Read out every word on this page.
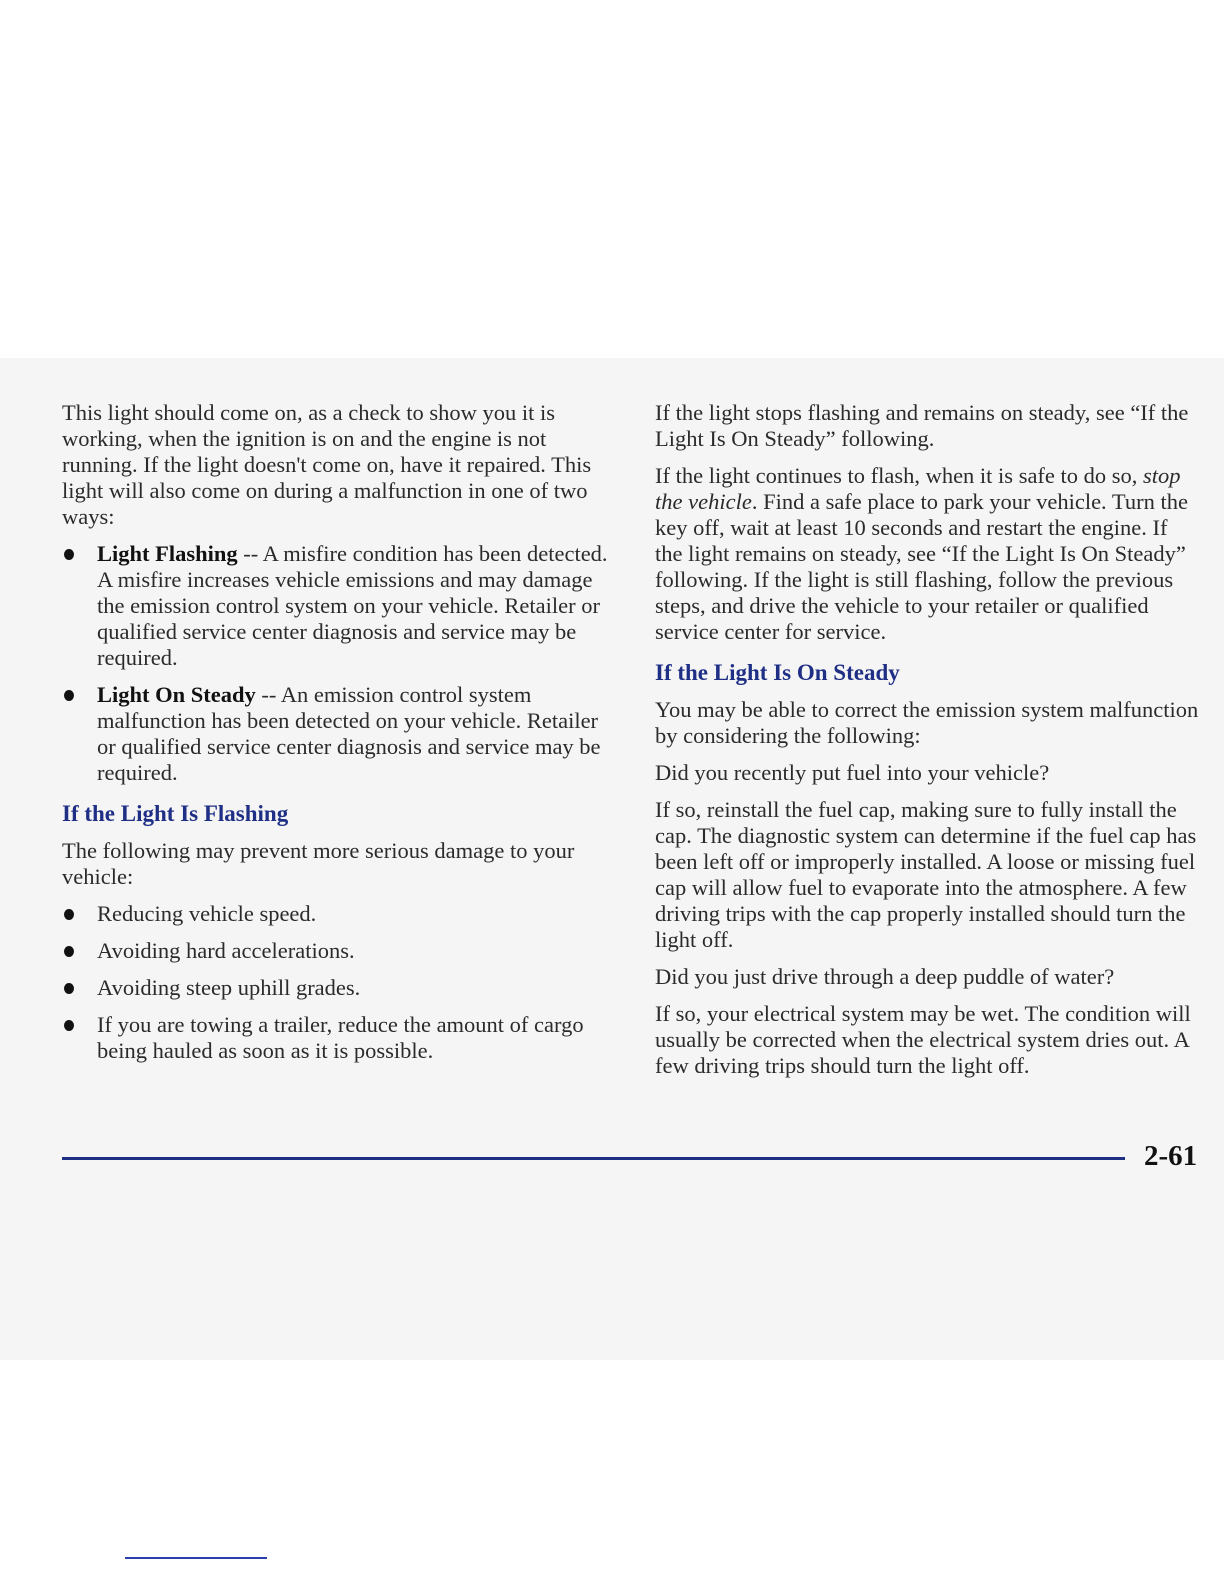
This light should come on, as a check to show you it is working, when the ignition is on and the engine is not running. If the light doesn't come on, have it repaired. This light will also come on during a malfunction in one of two ways:

Light Flashing -- A misfire condition has been detected. A misfire increases vehicle emissions and may damage the emission control system on your vehicle. Retailer or qualified service center diagnosis and service may be required.
Light On Steady -- An emission control system malfunction has been detected on your vehicle. Retailer or qualified service center diagnosis and service may be required.
If the Light Is Flashing

The following may prevent more serious damage to your vehicle:

Reducing vehicle speed.
Avoiding hard accelerations.
Avoiding steep uphill grades.
If you are towing a trailer, reduce the amount of cargo being hauled as soon as it is possible.

If the light stops flashing and remains on steady, see “If the Light Is On Steady” following.

If the light continues to flash, when it is safe to do so, stop the vehicle. Find a safe place to park your vehicle. Turn the key off, wait at least 10 seconds and restart the engine. If the light remains on steady, see “If the Light Is On Steady” following. If the light is still flashing, follow the previous steps, and drive the vehicle to your retailer or qualified service center for service.

If the Light Is On Steady

You may be able to correct the emission system malfunction by considering the following:

Did you recently put fuel into your vehicle?

If so, reinstall the fuel cap, making sure to fully install the cap. The diagnostic system can determine if the fuel cap has been left off or improperly installed. A loose or missing fuel cap will allow fuel to evaporate into the atmosphere. A few driving trips with the cap properly installed should turn the light off.

Did you just drive through a deep puddle of water?

If so, your electrical system may be wet. The condition will usually be corrected when the electrical system dries out. A few driving trips should turn the light off.

2-61
